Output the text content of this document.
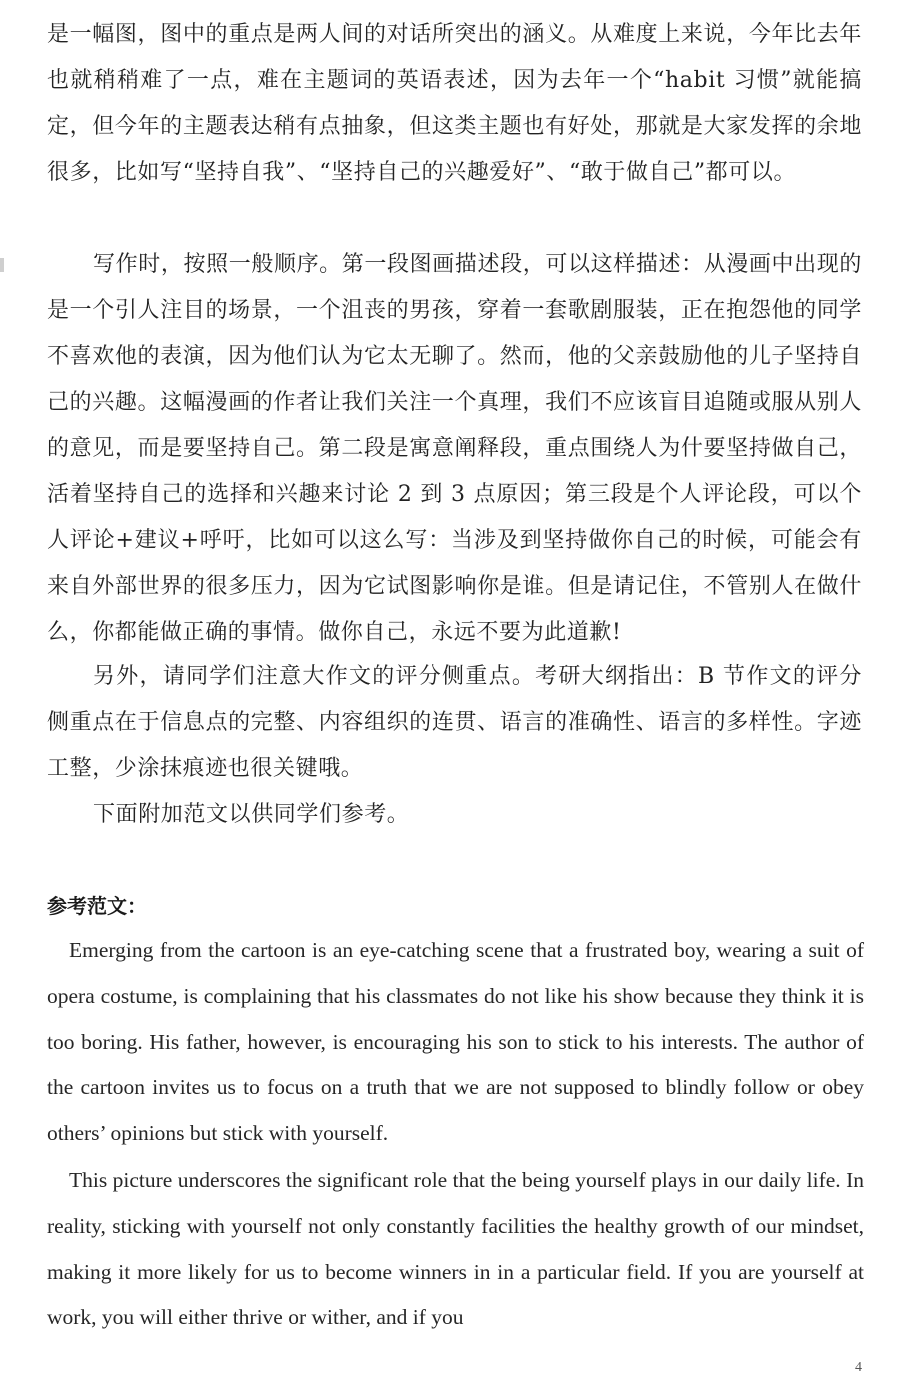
是一幅图，图中的重点是两人间的对话所突出的涵义。从难度上来说，今年比去年也就稍稍难了一点，难在主题词的英语表述，因为去年一个“habit 习惯”就能搞定，但今年的主题表达稍有点抽象，但这类主题也有好处，那就是大家发挥的余地很多，比如写“坚持自我”、“坚持自己的兴趣爱好”、“敢于做自己”都可以。

写作时，按照一般顺序。第一段图画描述段，可以这样描述：从漫画中出现的是一个引人注目的场景，一个沮丧的男孩，穿着一套歌剧服装，正在抱怨他的同学不喜欢他的表演，因为他们认为它太无聊了。然而，他的父亲鼓励他的儿子坚持自己的兴趣。这幅漫画的作者让我们关注一个真理，我们不应该盲目追随或服从别人的意见，而是要坚持自己。第二段是寓意阐释段，重点围绕人为什要坚持做自己，活着坚持自己的选择和兴趣来讨论 2 到 3 点原因；第三段是个人评论段，可以个人评论+建议+呼吁，比如可以这么写：当涉及到坚持做你自己的时候，可能会有来自外部世界的很多压力，因为它试图影响你是谁。但是请记住，不管别人在做什么，你都能做正确的事情。做你自己，永远不要为此道歉!

另外，请同学们注意大作文的评分侧重点。考研大纲指出：B 节作文的评分侧重点在于信息点的完整、内容组织的连贯、语言的准确性、语言的多样性。字迹工整，少涂抹痕迹也很关键哦。

下面附加范文以供同学们参考。

参考范文：

Emerging from the cartoon is an eye-catching scene that a frustrated boy, wearing a suit of opera costume, is complaining that his classmates do not like his show because they think it is too boring. His father, however, is encouraging his son to stick to his interests. The author of the cartoon invites us to focus on a truth that we are not supposed to blindly follow or obey others’ opinions but stick with yourself.

This picture underscores the significant role that the being yourself plays in our daily life. In reality, sticking with yourself not only constantly facilities the healthy growth of our mindset, making it more likely for us to become winners in in a particular field. If you are yourself at work, you will either thrive or wither, and if you

4
